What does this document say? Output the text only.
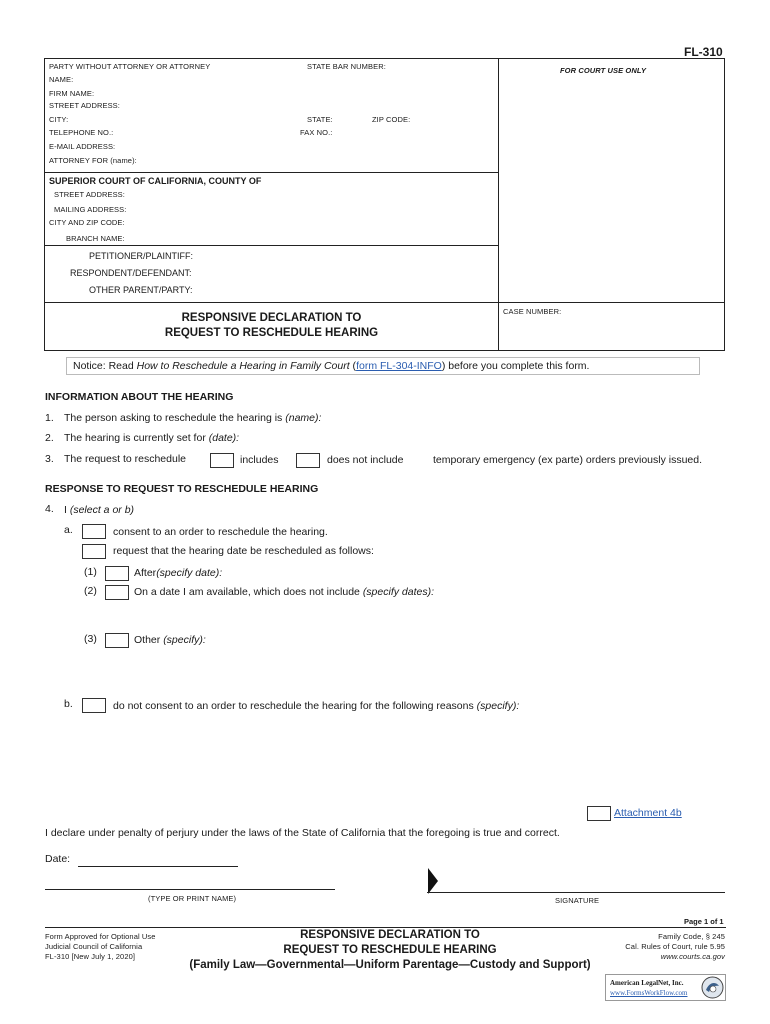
FL-310
PARTY WITHOUT ATTORNEY OR ATTORNEY	STATE BAR NUMBER:	FOR COURT USE ONLY
NAME:
FIRM NAME:
STREET ADDRESS:
CITY:	STATE:	ZIP CODE:
TELEPHONE NO.:	FAX NO.:
E-MAIL ADDRESS:
ATTORNEY FOR (name):
SUPERIOR COURT OF CALIFORNIA, COUNTY OF
STREET ADDRESS:
MAILING ADDRESS:
CITY AND ZIP CODE:
BRANCH NAME:
PETITIONER/PLAINTIFF:
RESPONDENT/DEFENDANT:
OTHER PARENT/PARTY:
RESPONSIVE DECLARATION TO
REQUEST TO RESCHEDULE HEARING
CASE NUMBER:
Notice: Read How to Reschedule a Hearing in Family Court (form FL-304-INFO) before you complete this form.
INFORMATION ABOUT THE HEARING
1. The person asking to reschedule the hearing is (name):
2. The hearing is currently set for (date):
3. The request to reschedule	includes	does not include	temporary emergency (ex parte) orders previously issued.
RESPONSE TO REQUEST TO RESCHEDULE HEARING
4. I (select a or b)
a.	consent to an order to reschedule the hearing.
request that the hearing date be rescheduled as follows:
(1)	After(specify date):
(2)	On a date I am available, which does not include (specify dates):
(3)	Other (specify):
b.	do not consent to an order to reschedule the hearing for the following reasons (specify):
Attachment 4b
I declare under penalty of perjury under the laws of the State of California that the foregoing is true and correct.
Date:
(TYPE OR PRINT NAME)	SIGNATURE
Page 1 of 1
Form Approved for Optional Use
Judicial Council of California
FL-310 [New July 1, 2020]
RESPONSIVE DECLARATION TO
REQUEST TO RESCHEDULE HEARING
(Family Law—Governmental—Uniform Parentage—Custody and Support)
Family Code, § 245
Cal. Rules of Court, rule 5.95
www.courts.ca.gov
American LegalNet, Inc.
www.FormsWorkFlow.com
